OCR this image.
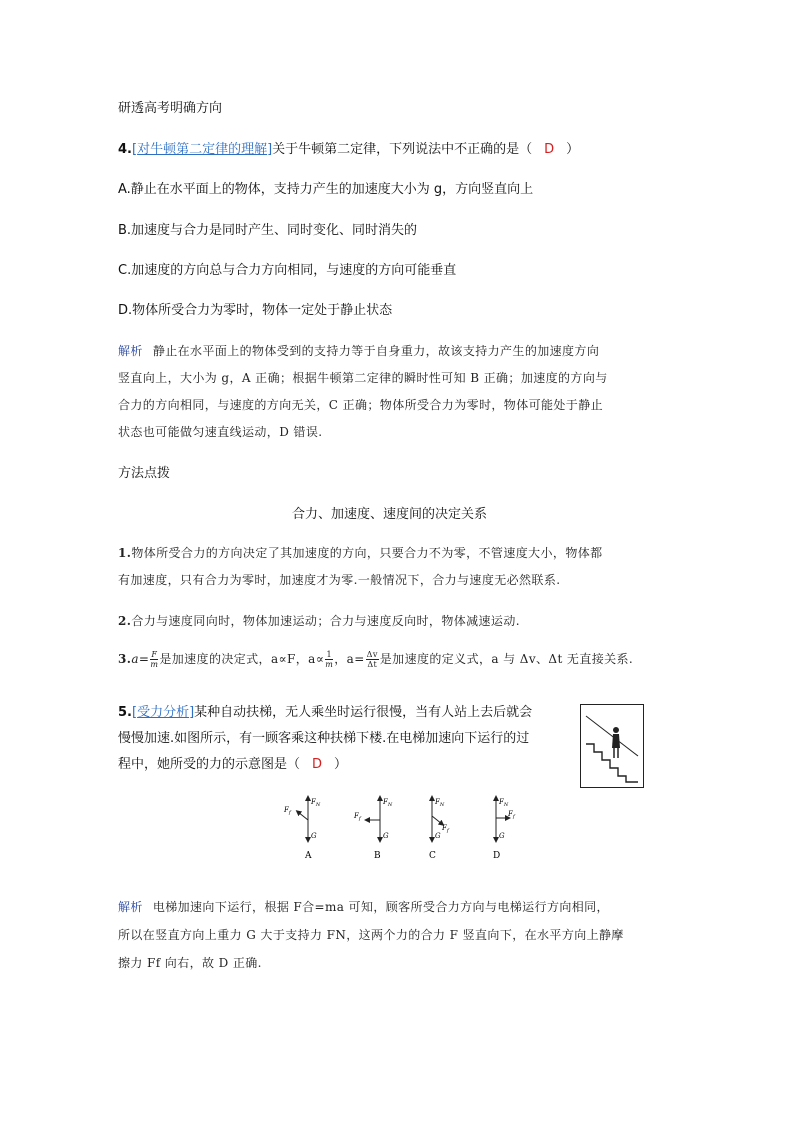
研透高考明确方向
4.[对牛顿第二定律的理解]关于牛顿第二定律，下列说法中不正确的是（ D ）
A.静止在水平面上的物体，支持力产生的加速度大小为 g，方向竖直向上
B.加速度与合力是同时产生、同时变化、同时消失的
C.加速度的方向总与合力方向相同，与速度的方向可能垂直
D.物体所受合力为零时，物体一定处于静止状态
解析 静止在水平面上的物体受到的支持力等于自身重力，故该支持力产生的加速度方向
竖直向上，大小为 g，A 正确；根据牛顿第二定律的瞬时性可知 B 正确；加速度的方向与
合力的方向相同，与速度的方向无关，C 正确；物体所受合力为零时，物体可能处于静止
状态也可能做匀速直线运动，D 错误.
方法点拨
合力、加速度、速度间的决定关系
1.物体所受合力的方向决定了其加速度的方向，只要合力不为零，不管速度大小，物体都
有加速度，只有合力为零时，加速度才为零.一般情况下，合力与速度无必然联系.
2.合力与速度同向时，物体加速运动；合力与速度反向时，物体减速运动.
$3.a= \frac{F}{m}$ 是加速度的决定式，a∝F，$a\propto \frac{1}{m}$ ，$a= \frac{\Delta v}{\Delta t}$ 是加速度的定义式，a 与 Δv、Δt 无直接关系.
5.[受力分析]某种自动扶梯，无人乘坐时运行很慢，当有人站上去后就会
慢慢加速.如图所示，有一顾客乘这种扶梯下楼.在电梯加速向下运行的过
程中，她所受的力的示意图是（ D ）
$F_N$
$F_f$
G
A
$F_N$
$F_f$
G
B
$F_N$
$F_f$
G
C
$F_N$
$F_f$
G
D
解析 电梯加速向下运行，根据 F合=ma 可知，顾客所受合力方向与电梯运行方向相同，
所以在竖直方向上重力 G 大于支持力 FN，这两个力的合力 F 竖直向下，在水平方向上静摩
擦力 Ff 向右，故 D 正确.
